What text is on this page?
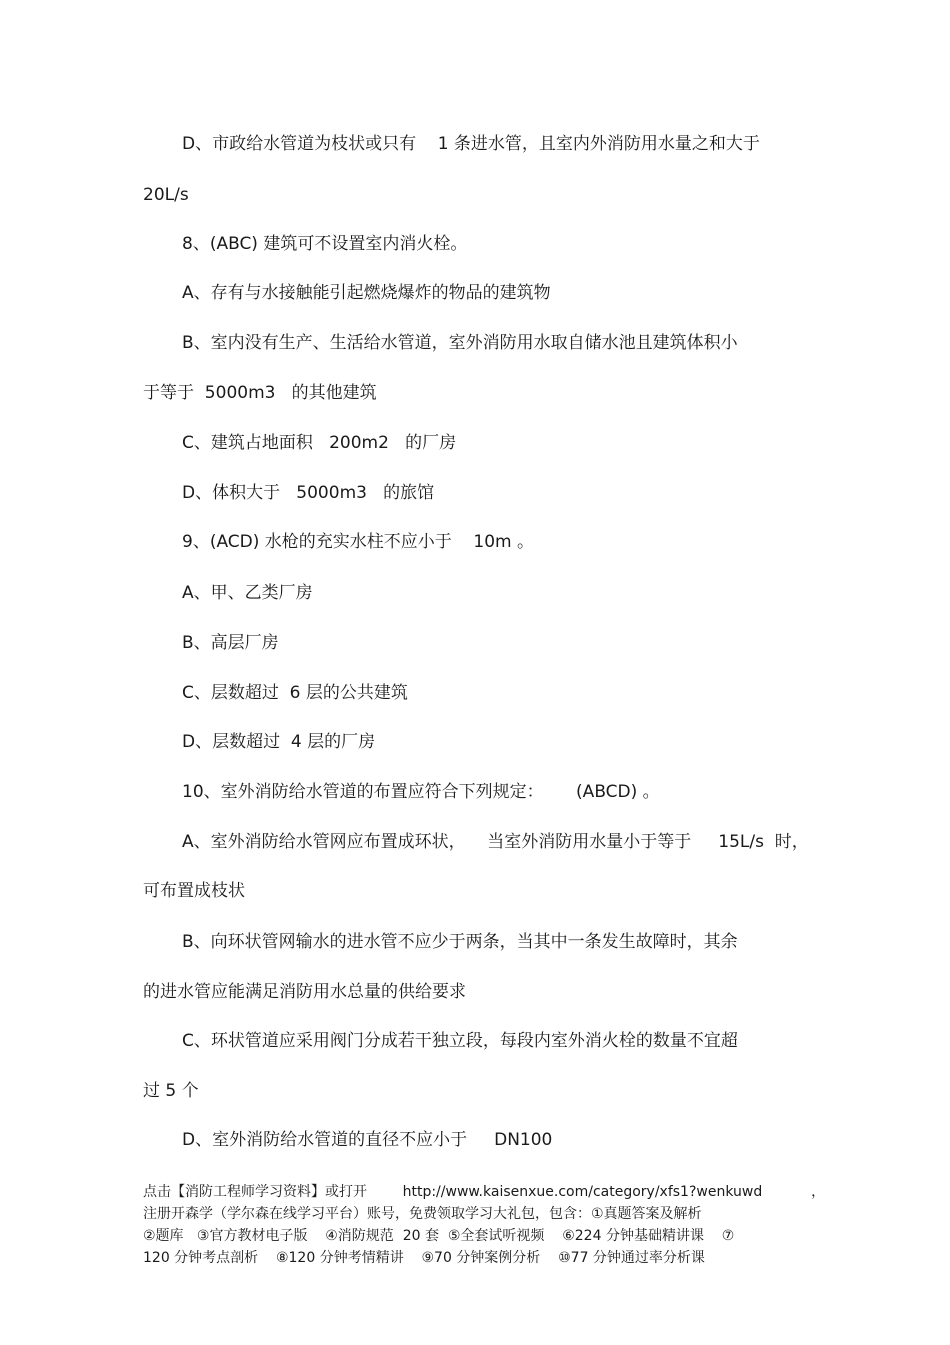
D、市政给水管道为枝状或只有    1 条进水管，且室内外消防用水量之和大于
20L/s
8、(ABC) 建筑可不设置室内消火栓。
A、存有与水接触能引起燃烧爆炸的物品的建筑物
B、室内没有生产、生活给水管道，室外消防用水取自储水池且建筑体积小
于等于  5000m3   的其他建筑
C、建筑占地面积   200m2   的厂房
D、体积大于   5000m3   的旅馆
9、(ACD) 水枪的充实水柱不应小于    10m 。
A、甲、乙类厂房
B、高层厂房
C、层数超过  6 层的公共建筑
D、层数超过  4 层的厂房
10、室外消防给水管道的布置应符合下列规定：      (ABCD) 。
A、室外消防给水管网应布置成环状，    当室外消防用水量小于等于     15L/s  时，
可布置成枝状
B、向环状管网输水的进水管不应少于两条，当其中一条发生故障时，其余
的进水管应能满足消防用水总量的供给要求
C、环状管道应采用阀门分成若干独立段，每段内室外消火栓的数量不宜超
过 5 个
D、室外消防给水管道的直径不应小于     DN100
点击【消防工程师学习资料】或打开        http://www.kaisenxue.com/category/xfs1?wenkuwd           ，
注册开森学（学尔森在线学习平台）账号，免费领取学习大礼包，包含：①真题答案及解析
②题库   ③官方教材电子版    ④消防规范  20 套  ⑤全套试听视频    ⑥224 分钟基础精讲课    ⑦
120 分钟考点剖析    ⑧120 分钟考情精讲    ⑨70 分钟案例分析    ⑩77 分钟通过率分析课
